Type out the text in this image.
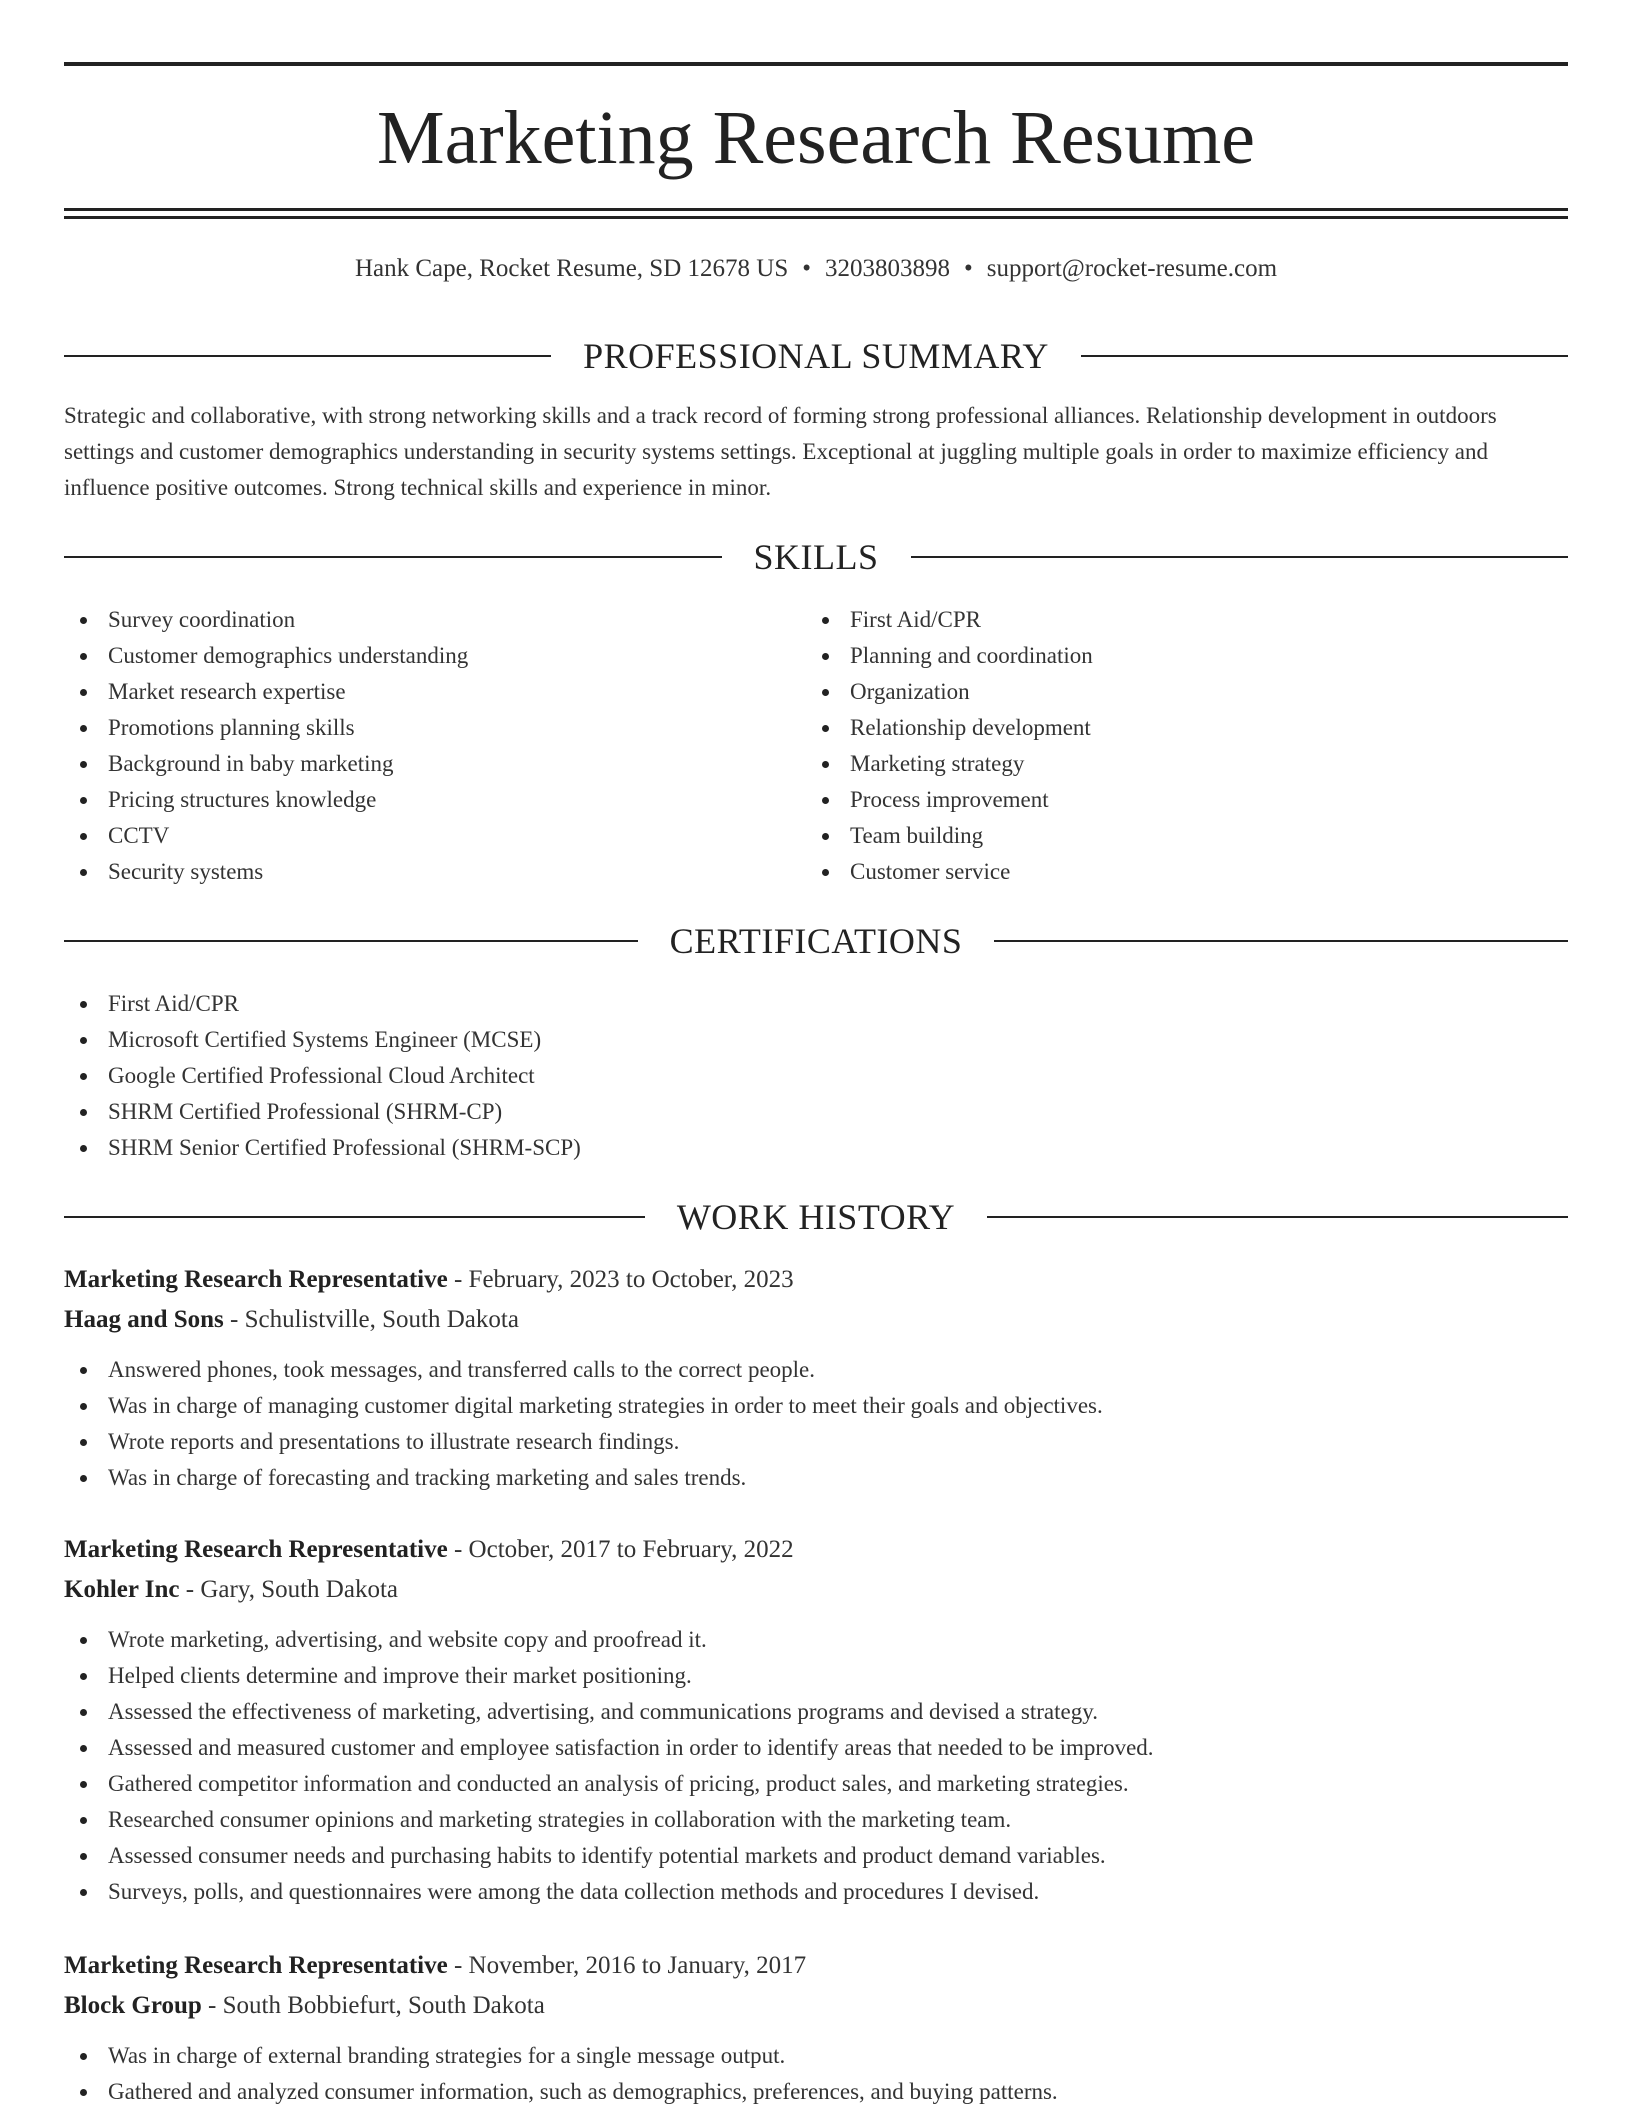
Marketing Research Resume
Hank Cape, Rocket Resume, SD 12678 US • 3203803898 • support@rocket-resume.com
PROFESSIONAL SUMMARY

Strategic and collaborative, with strong networking skills and a track record of forming strong professional alliances. Relationship development in outdoors settings and customer demographics understanding in security systems settings. Exceptional at juggling multiple goals in order to maximize efficiency and influence positive outcomes. Strong technical skills and experience in minor.

SKILLS
Survey coordination
Customer demographics understanding
Market research expertise
Promotions planning skills
Background in baby marketing
Pricing structures knowledge
CCTV
Security systems
First Aid/CPR
Planning and coordination
Organization
Relationship development
Marketing strategy
Process improvement
Team building
Customer service
CERTIFICATIONS
First Aid/CPR
Microsoft Certified Systems Engineer (MCSE)
Google Certified Professional Cloud Architect
SHRM Certified Professional (SHRM-CP)
SHRM Senior Certified Professional (SHRM-SCP)
WORK HISTORY
Marketing Research Representative - February, 2023 to October, 2023
Haag and Sons - Schulistville, South Dakota
Answered phones, took messages, and transferred calls to the correct people.
Was in charge of managing customer digital marketing strategies in order to meet their goals and objectives.
Wrote reports and presentations to illustrate research findings.
Was in charge of forecasting and tracking marketing and sales trends.
Marketing Research Representative - October, 2017 to February, 2022
Kohler Inc - Gary, South Dakota
Wrote marketing, advertising, and website copy and proofread it.
Helped clients determine and improve their market positioning.
Assessed the effectiveness of marketing, advertising, and communications programs and devised a strategy.
Assessed and measured customer and employee satisfaction in order to identify areas that needed to be improved.
Gathered competitor information and conducted an analysis of pricing, product sales, and marketing strategies.
Researched consumer opinions and marketing strategies in collaboration with the marketing team.
Assessed consumer needs and purchasing habits to identify potential markets and product demand variables.
Surveys, polls, and questionnaires were among the data collection methods and procedures I devised.
Marketing Research Representative - November, 2016 to January, 2017
Block Group - South Bobbiefurt, South Dakota
Was in charge of external branding strategies for a single message output.
Gathered and analyzed consumer information, such as demographics, preferences, and buying patterns.
